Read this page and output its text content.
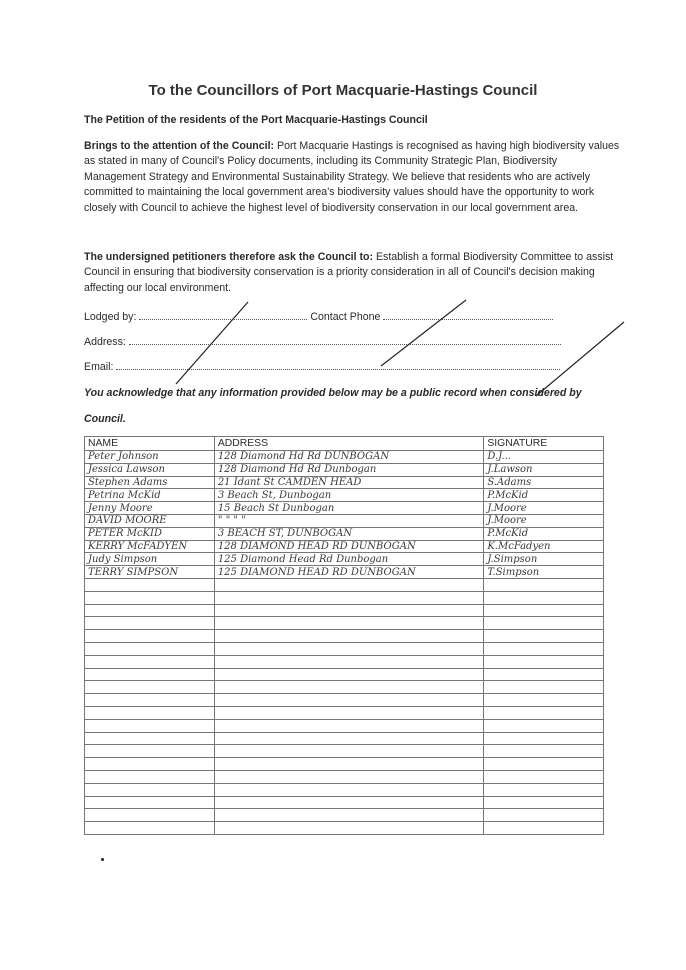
To the Councillors of Port Macquarie-Hastings Council
The Petition of the residents of the Port Macquarie-Hastings Council
Brings to the attention of the Council: Port Macquarie Hastings is recognised as having high biodiversity values as stated in many of Council's Policy documents, including its Community Strategic Plan, Biodiversity Management Strategy and Environmental Sustainability Strategy. We believe that residents who are actively committed to maintaining the local government area's biodiversity values should have the opportunity to work closely with Council to achieve the highest level of biodiversity conservation in our local government area.
The undersigned petitioners therefore ask the Council to: Establish a formal Biodiversity Committee to assist Council in ensuring that biodiversity conservation is a priority consideration in all of Council's decision making affecting our local environment.
Lodged by:	Contact Phone
Address:
Email:
You acknowledge that any information provided below may be a public record when considered by Council.
NAME	ADDRESS	SIGNATURE
Peter Johnson	128 Diamond Hd Rd DUNBOGAN	D.J...
Jessica Lawson	128 Diamond Hd Rd Dunbogan	J.Lawson
Stephen Adams	21 Idant St CAMDEN HEAD	S.Adams
Petrina McKid	3 Beach St, Dunbogan	P.McKid
Jenny Moore	15 Beach St Dunbogan	J.Moore
DAVID MOORE	" " " "	J.Moore
PETER McKID	3 BEACH ST, DUNBOGAN	P.McKid
KERRY McFADYEN	128 DIAMOND HEAD RD DUNBOGAN	K.McFadyen
Judy Simpson	125 Diamond Head Rd Dunbogan	J.Simpson
TERRY SIMPSON	125 DIAMOND HEAD RD DUNBOGAN	T.Simpson
